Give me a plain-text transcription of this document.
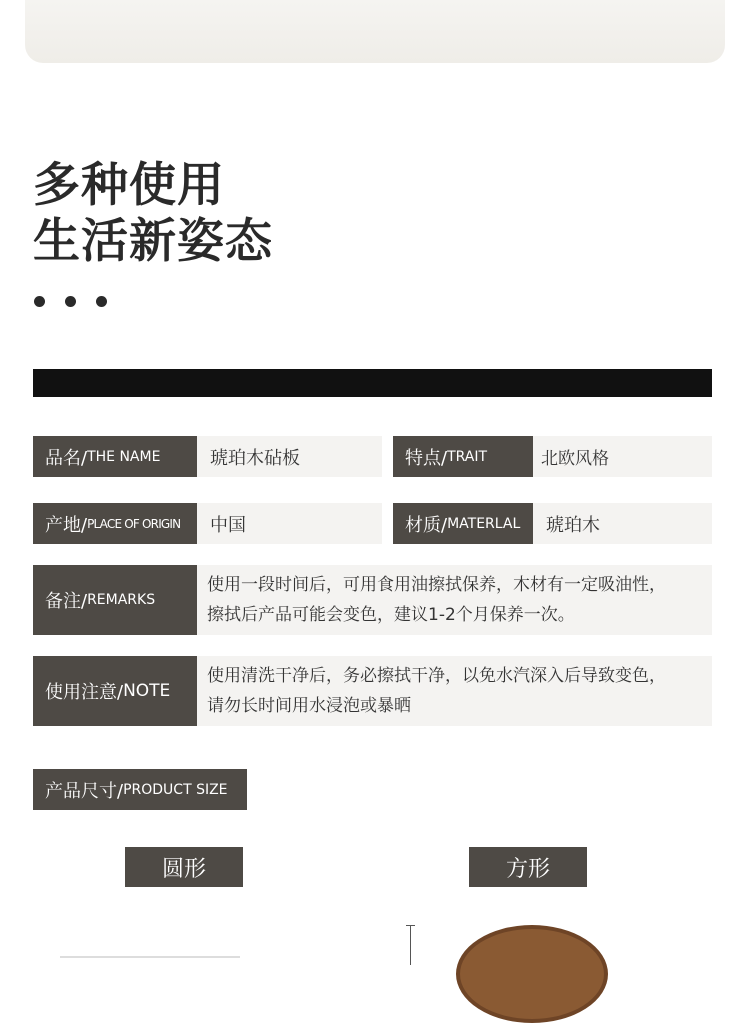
多种使用
生活新姿态
品名/ THE NAME	琥珀木砧板	特点/ TRAIT	北欧风格
产地/ PLACE OF ORIGIN	中国	材质/ MATERLAL	琥珀木
备注/ REMARKS
使用一段时间后，可用食用油擦拭保养，木材有一定吸油性，
擦拭后产品可能会变色，建议1-2个月保养一次。
使用注意/ NOTE
使用清洗干净后，务必擦拭干净，以免水汽深入后导致变色，
请勿长时间用水浸泡或暴晒
产品尺寸/ PRODUCT SIZE
圆形	方形
